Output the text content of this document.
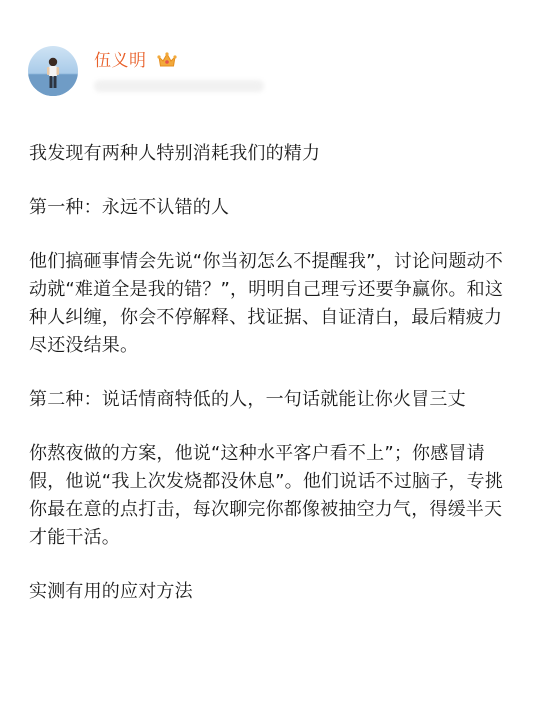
伍义明

我发现有两种人特别消耗我们的精力

第一种：永远不认错的人

他们搞砸事情会先说“你当初怎么不提醒我”，讨论问题动不动就“难道全是我的错？”，明明自己理亏还要争赢你。和这种人纠缠，你会不停解释、找证据、自证清白，最后精疲力尽还没结果。

第二种：说话情商特低的人，一句话就能让你火冒三丈

你熬夜做的方案，他说“这种水平客户看不上”；你感冒请假，他说“我上次发烧都没休息”。他们说话不过脑子，专挑你最在意的点打击，每次聊完你都像被抽空力气，得缓半天才能干活。

实测有用的应对方法
